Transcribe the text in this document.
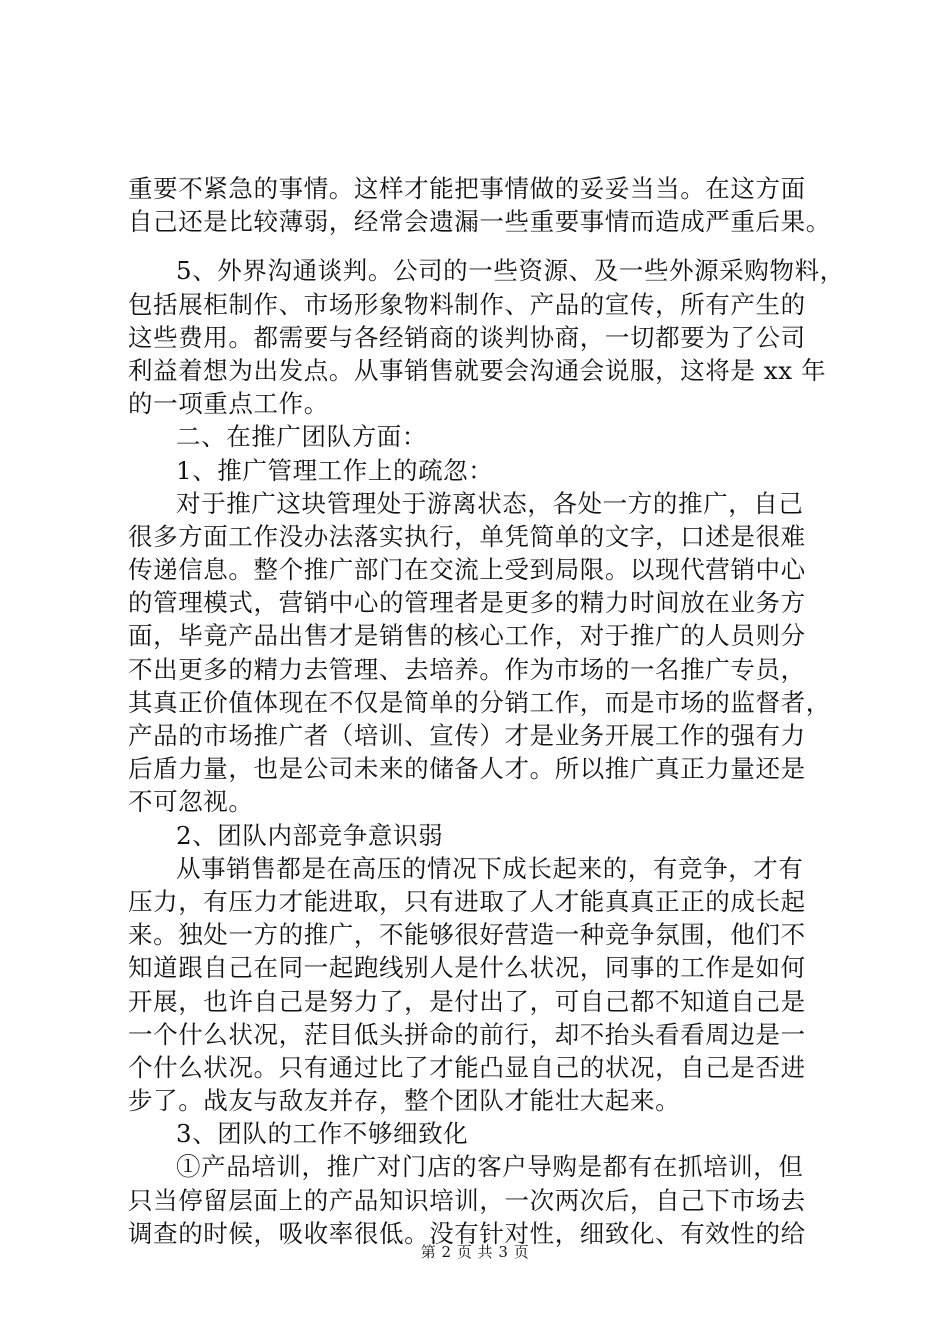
重要不紧急的事情。这样才能把事情做的妥妥当当。在这方面
自己还是比较薄弱，经常会遗漏一些重要事情而造成严重后果。
5、外界沟通谈判。公司的一些资源、及一些外源采购物料，
包括展柜制作、市场形象物料制作、产品的宣传，所有产生的
这些费用。都需要与各经销商的谈判协商，一切都要为了公司
利益着想为出发点。从事销售就要会沟通会说服，这将是 xx 年
的一项重点工作。
二、在推广团队方面：
1、推广管理工作上的疏忽：
对于推广这块管理处于游离状态，各处一方的推广，自己
很多方面工作没办法落实执行，单凭简单的文字，口述是很难
传递信息。整个推广部门在交流上受到局限。以现代营销中心
的管理模式，营销中心的管理者是更多的精力时间放在业务方
面，毕竟产品出售才是销售的核心工作，对于推广的人员则分
不出更多的精力去管理、去培养。作为市场的一名推广专员，
其真正价值体现在不仅是简单的分销工作，而是市场的监督者，
产品的市场推广者（培训、宣传）才是业务开展工作的强有力
后盾力量，也是公司未来的储备人才。所以推广真正力量还是
不可忽视。
2、团队内部竞争意识弱
从事销售都是在高压的情况下成长起来的，有竞争，才有
压力，有压力才能进取，只有进取了人才能真真正正的成长起
来。独处一方的推广，不能够很好营造一种竞争氛围，他们不
知道跟自己在同一起跑线别人是什么状况，同事的工作是如何
开展，也许自己是努力了，是付出了，可自己都不知道自己是
一个什么状况，茫目低头拼命的前行，却不抬头看看周边是一
个什么状况。只有通过比了才能凸显自己的状况，自己是否进
步了。战友与敌友并存，整个团队才能壮大起来。
3、团队的工作不够细致化
①产品培训，推广对门店的客户导购是都有在抓培训，但
只当停留层面上的产品知识培训，一次两次后，自己下市场去
调查的时候，吸收率很低。没有针对性，细致化、有效性的给
第 2 页 共 3 页
